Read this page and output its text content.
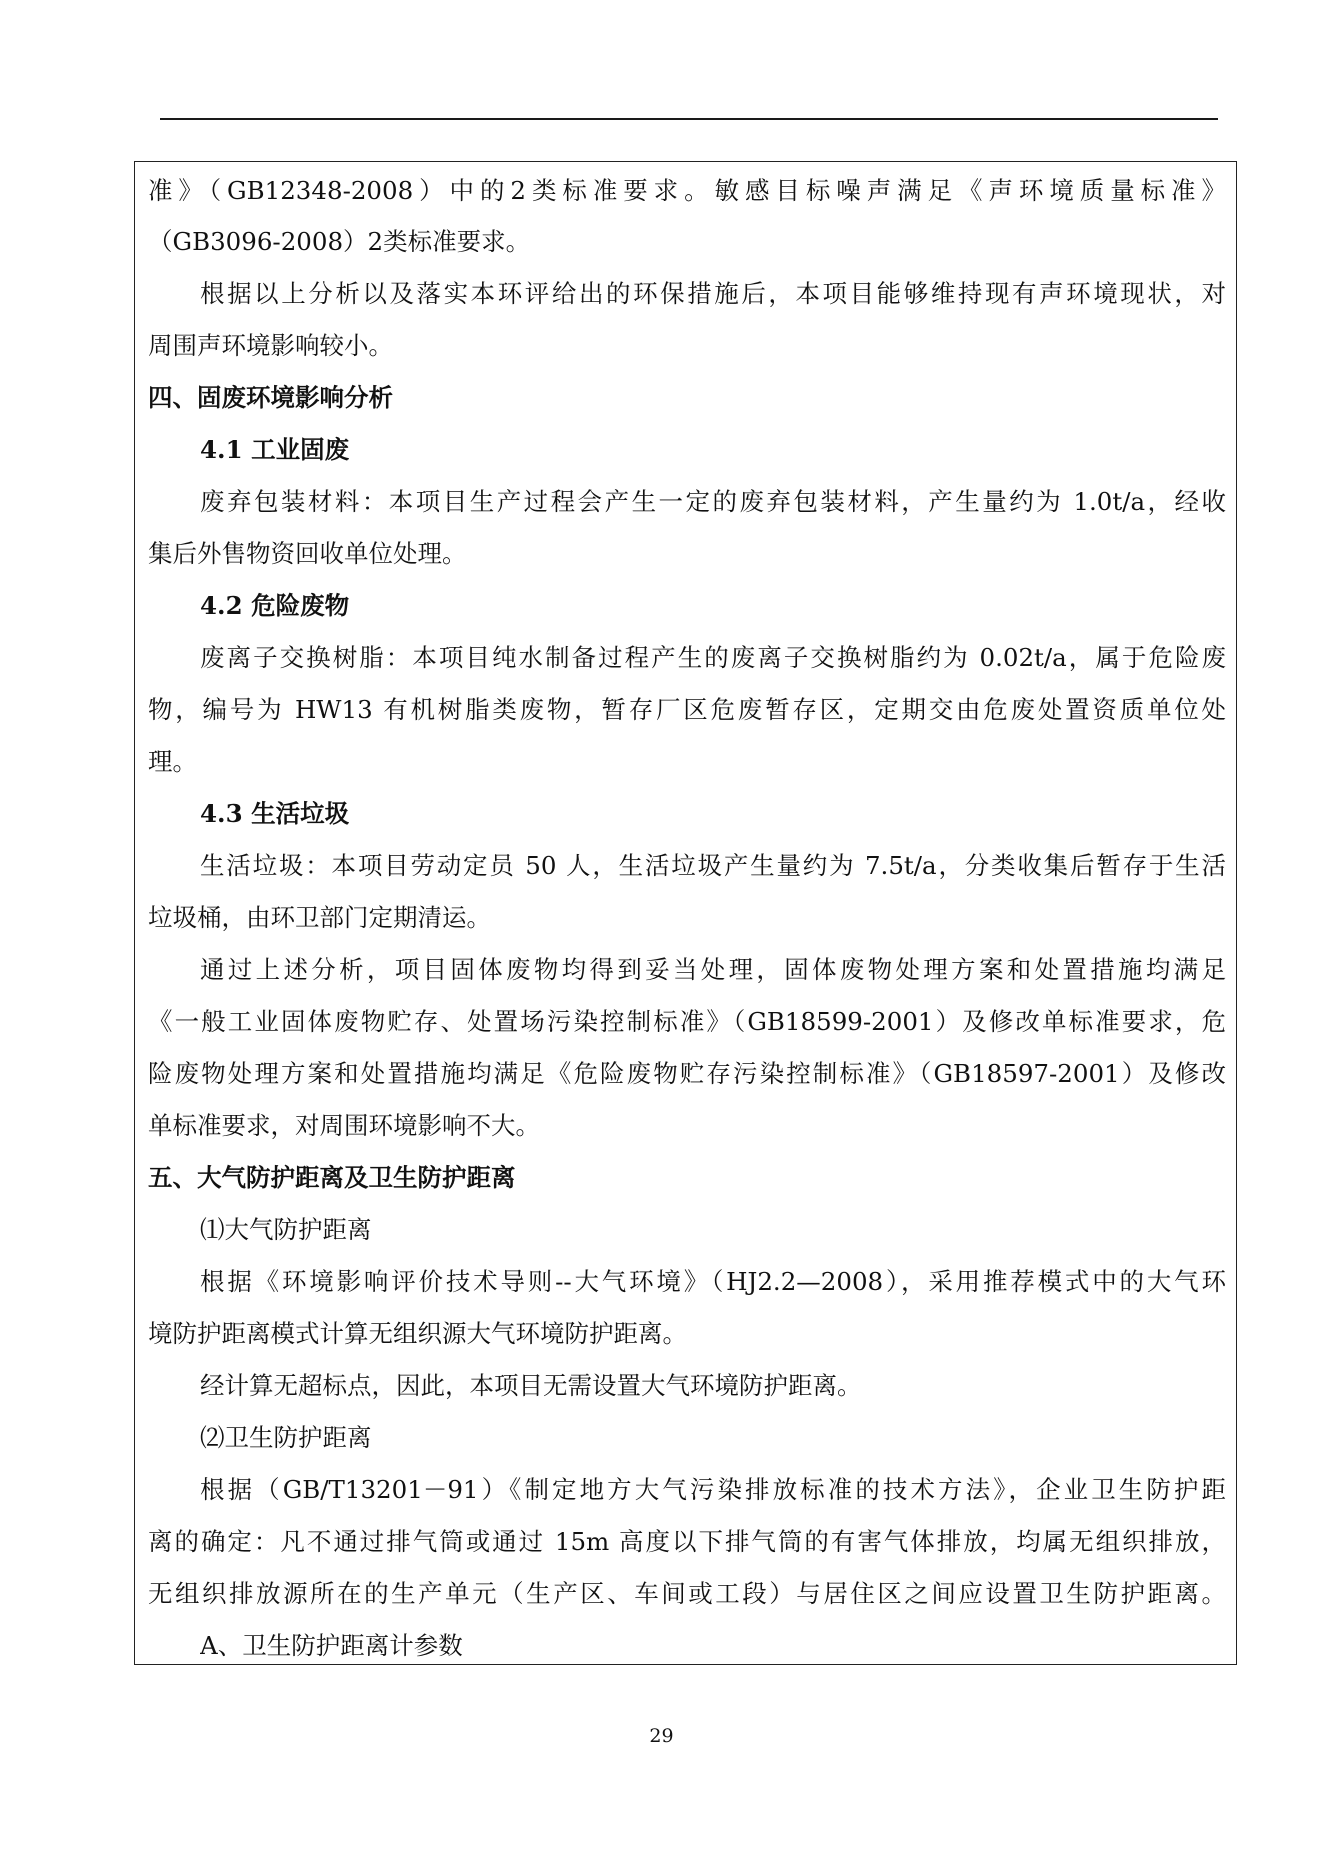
准》（GB12348-2008）中的2类标准要求。敏感目标噪声满足《声环境质量标准》
（GB3096-2008）2类标准要求。
根据以上分析以及落实本环评给出的环保措施后，本项目能够维持现有声环境现状，对
周围声环境影响较小。
四、固废环境影响分析
4.1 工业固废
废弃包装材料：本项目生产过程会产生一定的废弃包装材料，产生量约为 1.0t/a，经收
集后外售物资回收单位处理。
4.2 危险废物
废离子交换树脂：本项目纯水制备过程产生的废离子交换树脂约为 0.02t/a，属于危险废
物，编号为 HW13 有机树脂类废物，暂存厂区危废暂存区，定期交由危废处置资质单位处
理。
4.3 生活垃圾
生活垃圾：本项目劳动定员 50 人，生活垃圾产生量约为 7.5t/a，分类收集后暂存于生活
垃圾桶，由环卫部门定期清运。
通过上述分析，项目固体废物均得到妥当处理，固体废物处理方案和处置措施均满足
《一般工业固体废物贮存、处置场污染控制标准》（GB18599-2001）及修改单标准要求，危
险废物处理方案和处置措施均满足《危险废物贮存污染控制标准》（GB18597-2001）及修改
单标准要求，对周围环境影响不大。
五、大气防护距离及卫生防护距离
⑴大气防护距离
根据《环境影响评价技术导则--大气环境》（HJ2.2—2008），采用推荐模式中的大气环
境防护距离模式计算无组织源大气环境防护距离。
经计算无超标点，因此，本项目无需设置大气环境防护距离。
⑵卫生防护距离
根据（GB/T13201－91）《制定地方大气污染排放标准的技术方法》，企业卫生防护距
离的确定：凡不通过排气筒或通过 15m 高度以下排气筒的有害气体排放，均属无组织排放，
无组织排放源所在的生产单元（生产区、车间或工段）与居住区之间应设置卫生防护距离。
A、卫生防护距离计参数
29
